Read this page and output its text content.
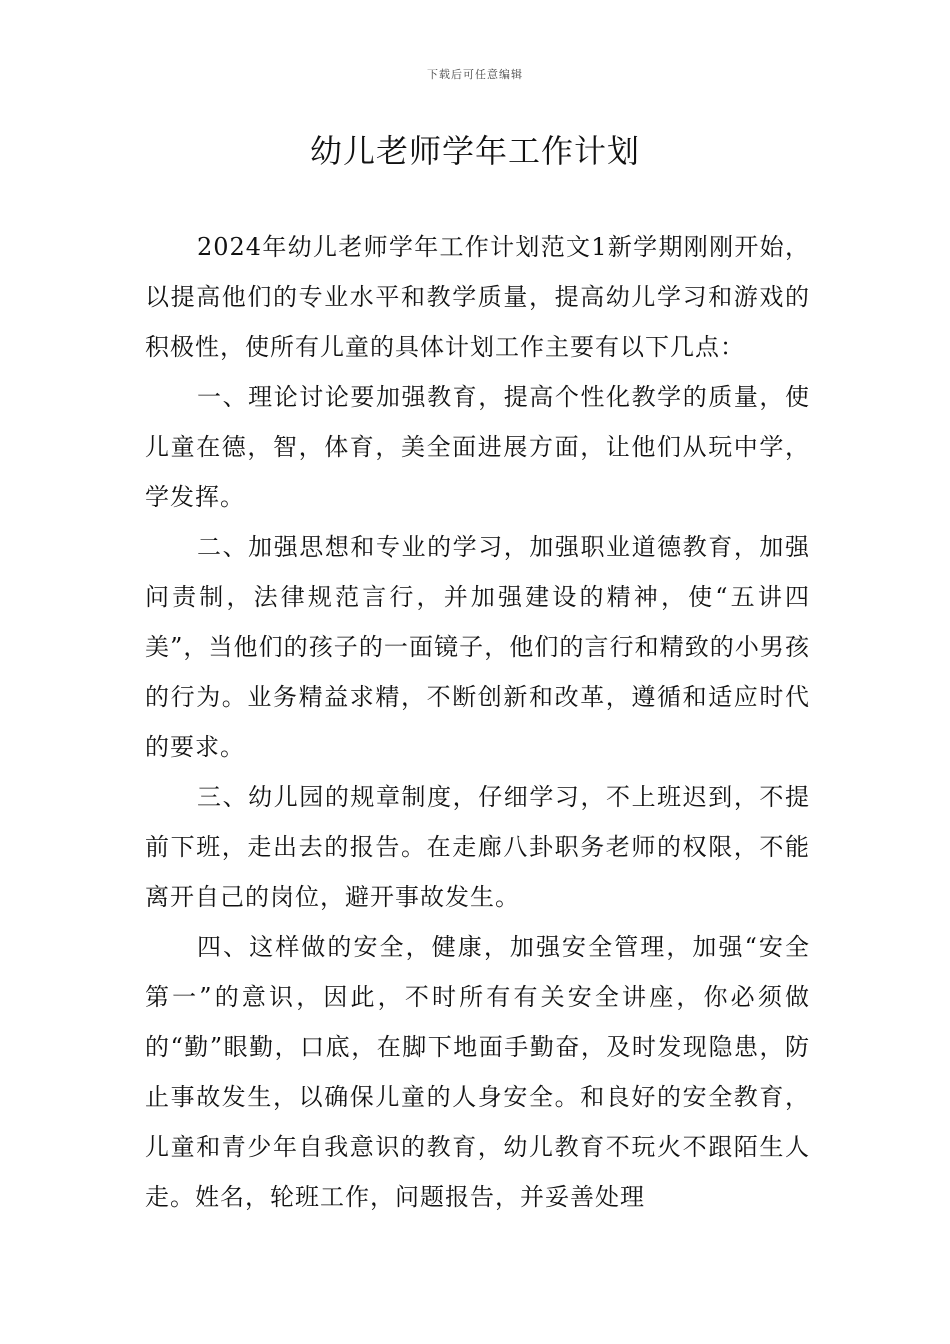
下载后可任意编辑
幼儿老师学年工作计划

2024年幼儿老师学年工作计划范文1新学期刚刚开始，以提高他们的专业水平和教学质量，提高幼儿学习和游戏的积极性，使所有儿童的具体计划工作主要有以下几点：

一、理论讨论要加强教育，提高个性化教学的质量，使儿童在德，智，体育，美全面进展方面，让他们从玩中学，学发挥。

二、加强思想和专业的学习，加强职业道德教育，加强问责制，法律规范言行，并加强建设的精神，使“五讲四美”，当他们的孩子的一面镜子，他们的言行和精致的小男孩的行为。业务精益求精，不断创新和改革，遵循和适应时代的要求。

三、幼儿园的规章制度，仔细学习，不上班迟到，不提前下班，走出去的报告。在走廊八卦职务老师的权限，不能离开自己的岗位，避开事故发生。

四、这样做的安全，健康，加强安全管理，加强“安全第一”的意识，因此，不时所有有关安全讲座，你必须做的“勤”眼勤，口底，在脚下地面手勤奋，及时发现隐患，防止事故发生，以确保儿童的人身安全。和良好的安全教育，儿童和青少年自我意识的教育，幼儿教育不玩火不跟陌生人走。姓名，轮班工作，问题报告，并妥善处理
